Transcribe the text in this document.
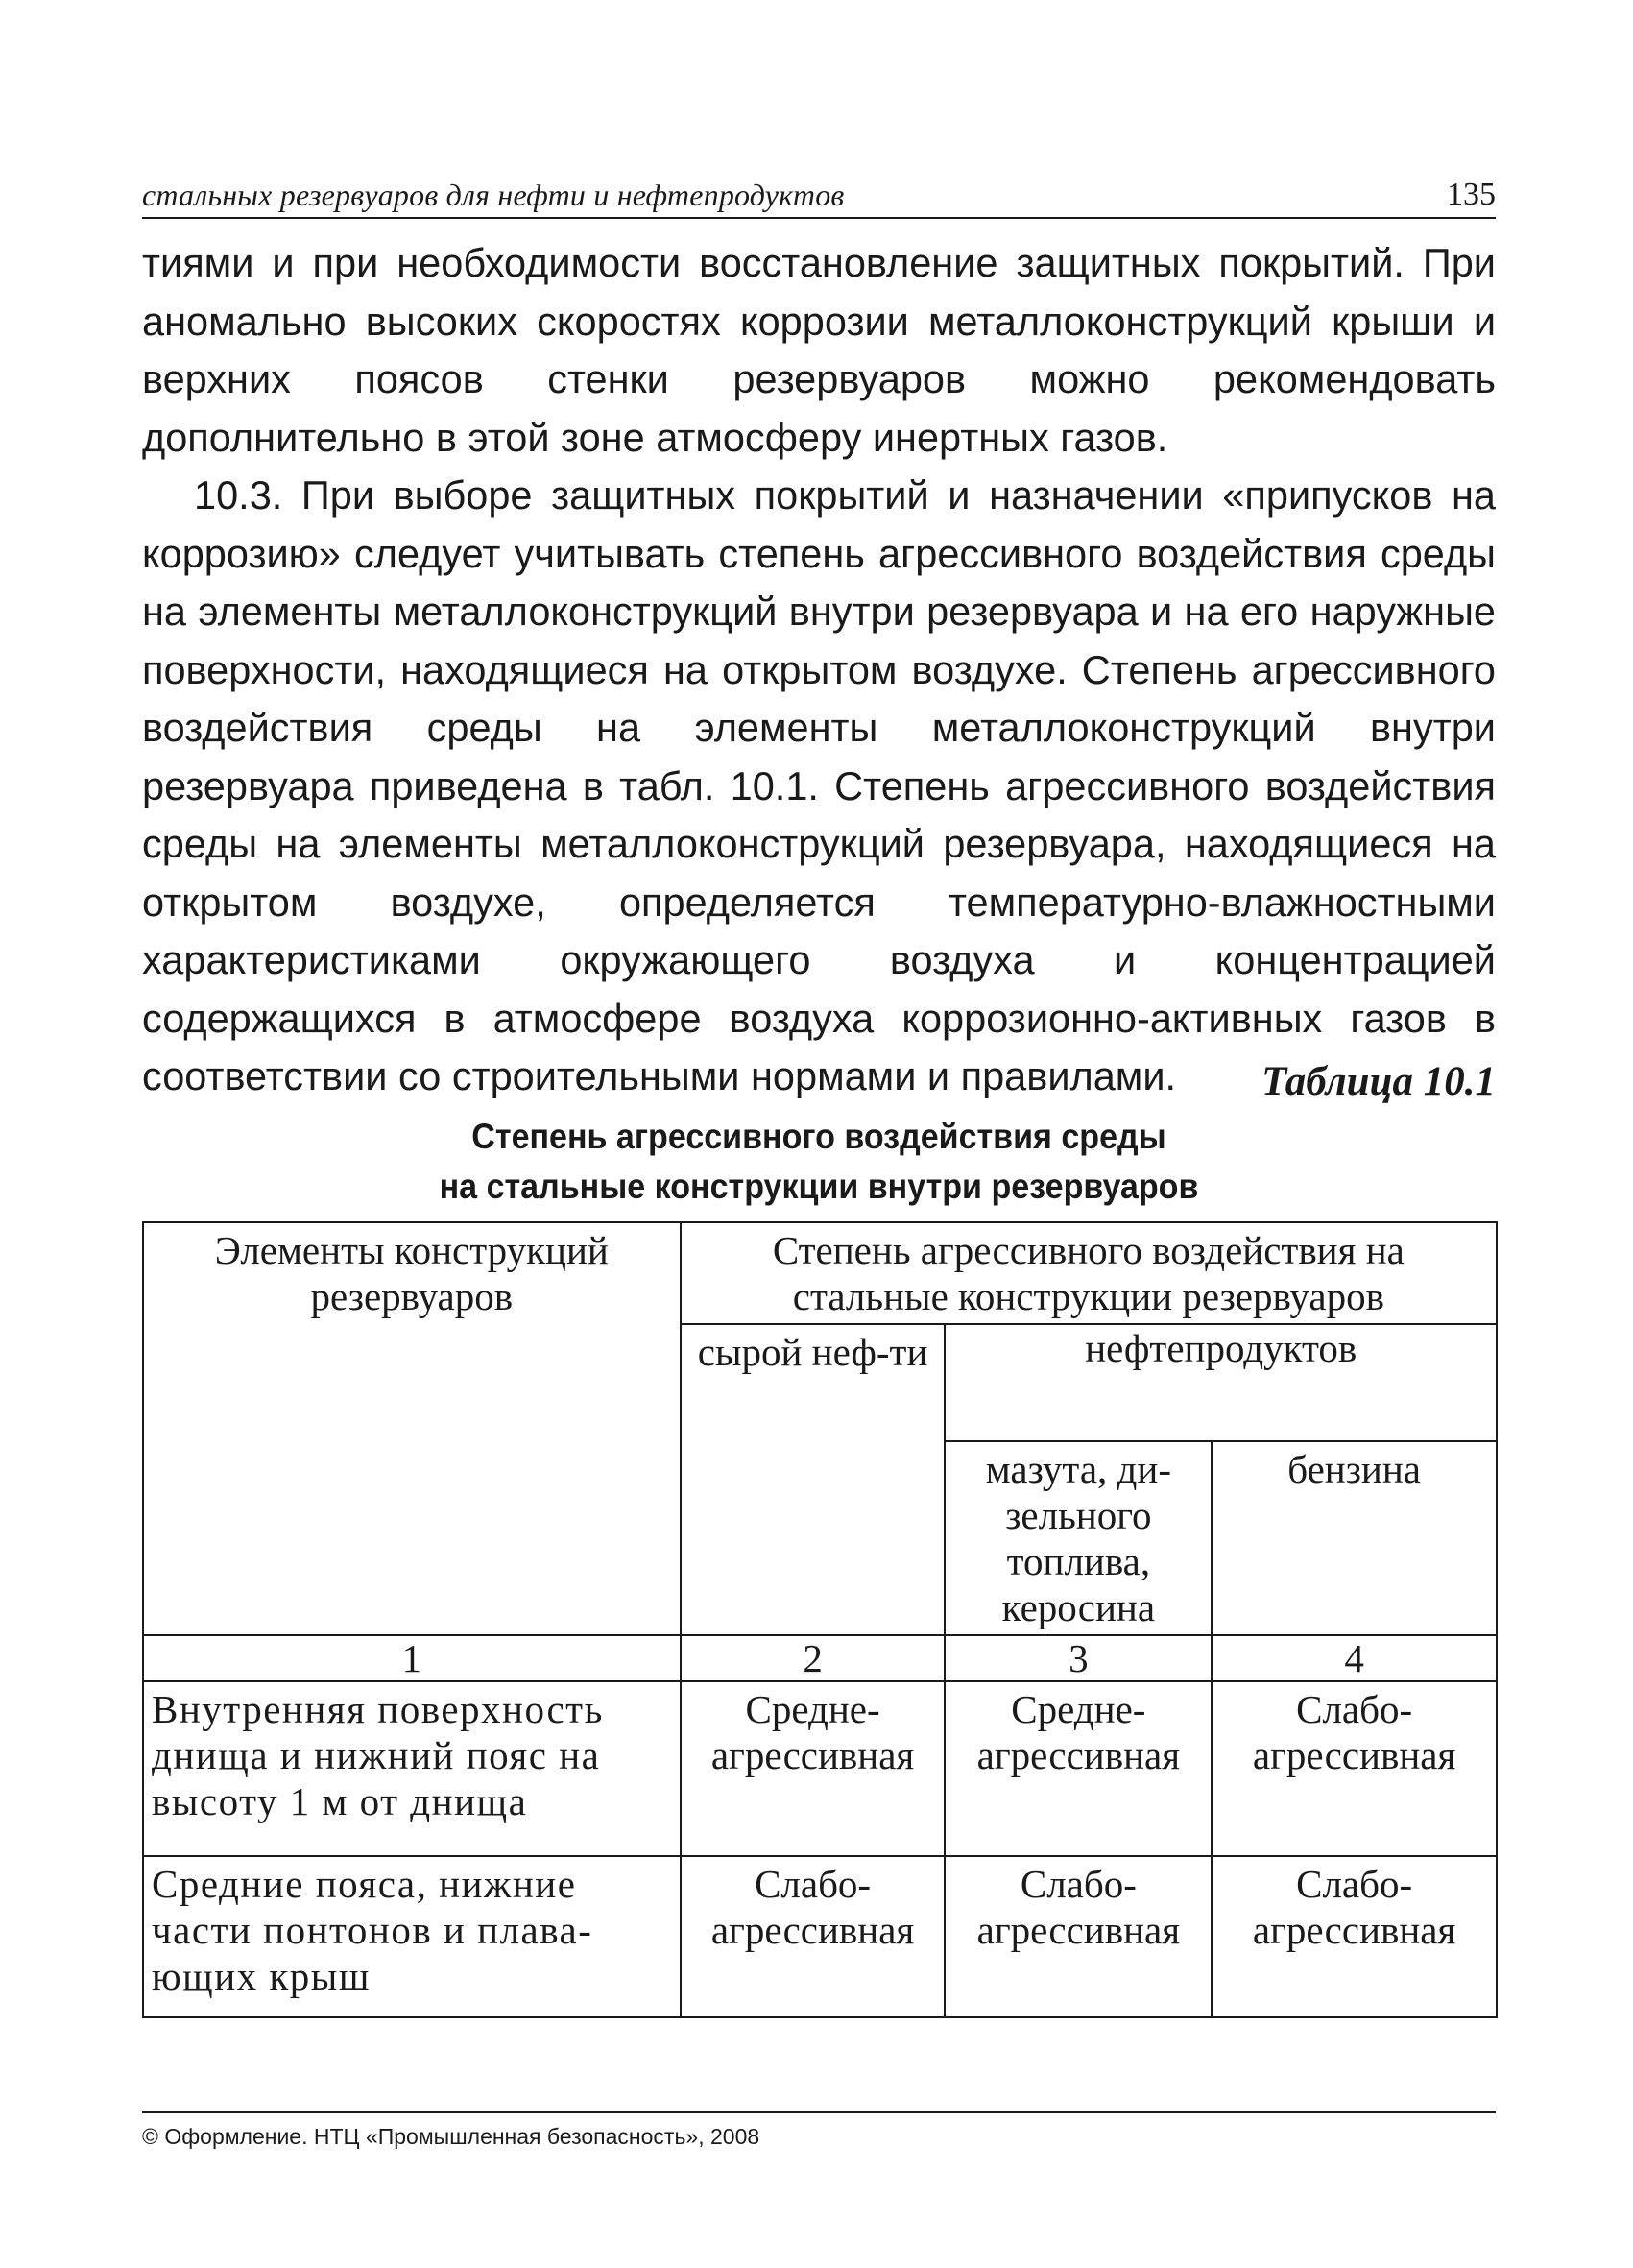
стальных резервуаров для нефти и нефтепродуктов	135

тиями и при необходимости восстановление защитных покрытий. При аномально высоких скоростях коррозии металлоконструкций крыши и верхних поясов стенки резервуаров можно рекомендовать дополнительно в этой зоне атмосферу инертных газов.

10.3. При выборе защитных покрытий и назначении «припусков на коррозию» следует учитывать степень агрессивного воздействия среды на элементы металлоконструкций внутри резервуара и на его наружные поверхности, находящиеся на открытом воздухе. Степень агрессивного воздействия среды на элементы металлоконструкций внутри резервуара приведена в табл. 10.1. Степень агрессивного воздействия среды на элементы металлоконструкций резервуара, находящиеся на открытом воздухе, определяется температурно-влажностными характеристиками окружающего воздуха и концентрацией содержащихся в атмосфере воздуха коррозионно-активных газов в соответствии со строительными нормами и правилами.	Таблица 10.1
Степень агрессивного воздействия среды
на стальные конструкции внутри резервуаров
Элементы конструкций резервуаров	Степень агрессивного воздействия на стальные конструкции резервуаров		
	сырой неф-ти	нефтепродуктов	
		мазута, ди-зельного топлива, керосина	бензина
1	2	3	4
Внутренняя поверхность днища и нижний пояс на высоту 1 м от днища	Средне-агрессивная	Средне-агрессивная	Слабо-агрессивная
Средние пояса, нижние части понтонов и плава-ющих крыш	Слабо-агрессивная	Слабо-агрессивная	Слабо-агрессивная
© Оформление. НТЦ «Промышленная безопасность», 2008
